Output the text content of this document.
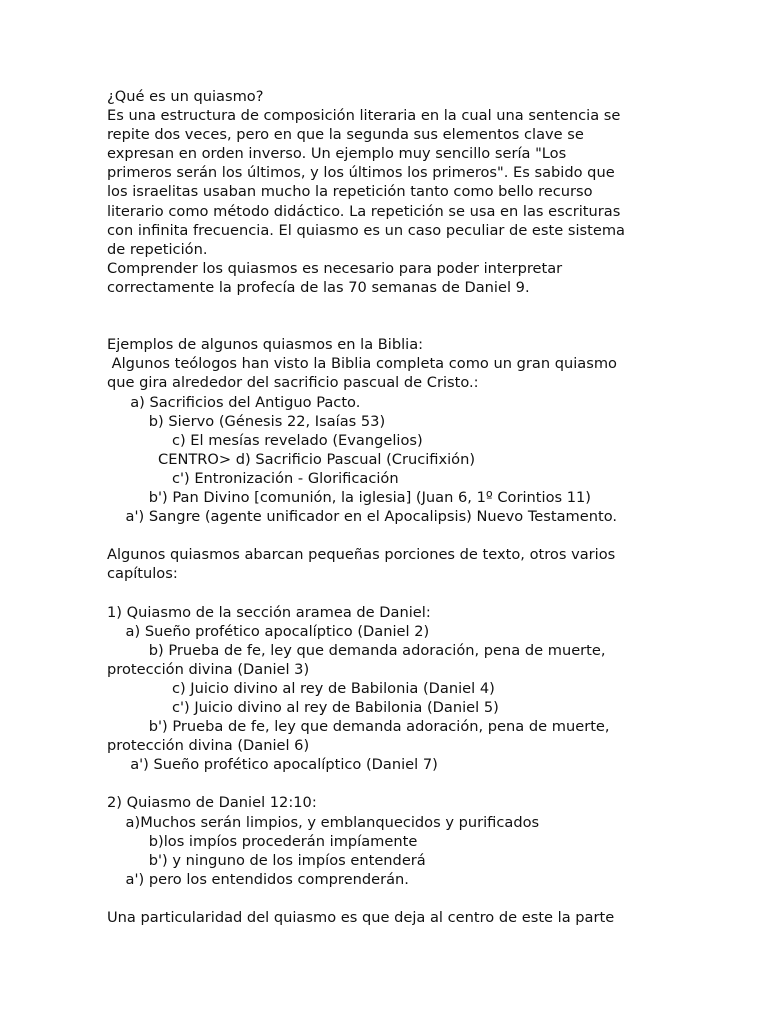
¿Qué es un quiasmo?
Es una estructura de composición literaria en la cual una sentencia se
repite dos veces, pero en que la segunda sus elementos clave se
expresan en orden inverso. Un ejemplo muy sencillo sería "Los
primeros serán los últimos, y los últimos los primeros". Es sabido que
los israelitas usaban mucho la repetición tanto como bello recurso
literario como método didáctico. La repetición se usa en las escrituras
con infinita frecuencia. El quiasmo es un caso peculiar de este sistema
de repetición.
Comprender los quiasmos es necesario para poder interpretar
correctamente la profecía de las 70 semanas de Daniel 9.
Ejemplos de algunos quiasmos en la Biblia:
Algunos teólogos han visto la Biblia completa como un gran quiasmo
que gira alrededor del sacrificio pascual de Cristo.:
a) Sacrificios del Antiguo Pacto.
b) Siervo (Génesis 22, Isaías 53)
c) El mesías revelado (Evangelios)
CENTRO> d) Sacrificio Pascual (Crucifixión)
c') Entronización - Glorificación
b') Pan Divino [comunión, la iglesia] (Juan 6, 1º Corintios 11)
a') Sangre (agente unificador en el Apocalipsis) Nuevo Testamento.
Algunos quiasmos abarcan pequeñas porciones de texto, otros varios
capítulos:
1) Quiasmo de la sección aramea de Daniel:
a) Sueño profético apocalíptico (Daniel 2)
b) Prueba de fe, ley que demanda adoración, pena de muerte,
protección divina (Daniel 3)
c) Juicio divino al rey de Babilonia (Daniel 4)
c') Juicio divino al rey de Babilonia (Daniel 5)
b') Prueba de fe, ley que demanda adoración, pena de muerte,
protección divina (Daniel 6)
a') Sueño profético apocalíptico (Daniel 7)
2) Quiasmo de Daniel 12:10:
a)Muchos serán limpios, y emblanquecidos y purificados
b)los impíos procederán impíamente
b') y ninguno de los impíos entenderá
a') pero los entendidos comprenderán.
Una particularidad del quiasmo es que deja al centro de este la parte
